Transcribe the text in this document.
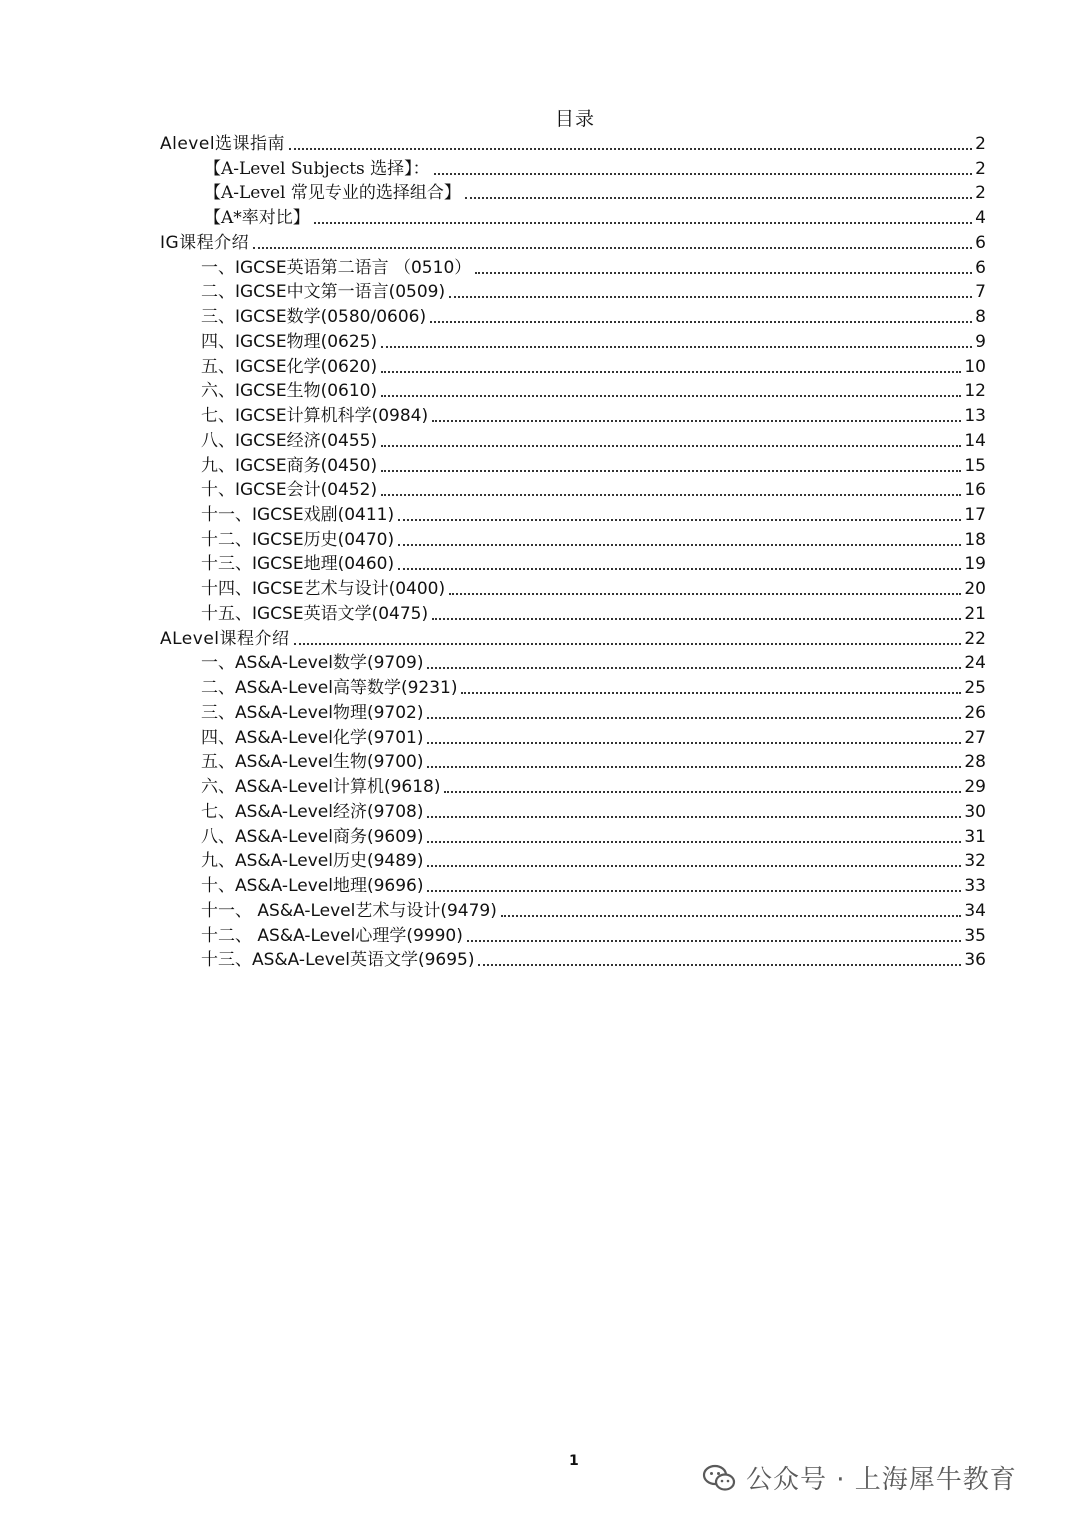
目录
Alevel选课指南	2
【A-Level Subjects 选择】：	2
【A-Level 常见专业的选择组合】	2
【A*率对比】	4
IG课程介绍	6
一、IGCSE英语第二语言 （0510）	6
二、IGCSE中文第一语言(0509)	7
三、IGCSE数学(0580/0606)	8
四、IGCSE物理(0625)	9
五、IGCSE化学(0620)	10
六、IGCSE生物(0610)	12
七、IGCSE计算机科学(0984)	13
八、IGCSE经济(0455)	14
九、IGCSE商务(0450)	15
十、IGCSE会计(0452)	16
十一、IGCSE戏剧(0411)	17
十二、IGCSE历史(0470)	18
十三、IGCSE地理(0460)	19
十四、IGCSE艺术与设计(0400)	20
十五、IGCSE英语文学(0475)	21
ALevel课程介绍	22
一、AS&A-Level数学(9709)	24
二、AS&A-Level高等数学(9231)	25
三、AS&A-Level物理(9702)	26
四、AS&A-Level化学(9701)	27
五、AS&A-Level生物(9700)	28
六、AS&A-Level计算机(9618)	29
七、AS&A-Level经济(9708)	30
八、AS&A-Level商务(9609)	31
九、AS&A-Level历史(9489)	32
十、AS&A-Level地理(9696)	33
十一、 AS&A-Level艺术与设计(9479)	34
十二、 AS&A-Level心理学(9990)	35
十三、AS&A-Level英语文学(9695)	36
1
公众号 · 上海犀牛教育
